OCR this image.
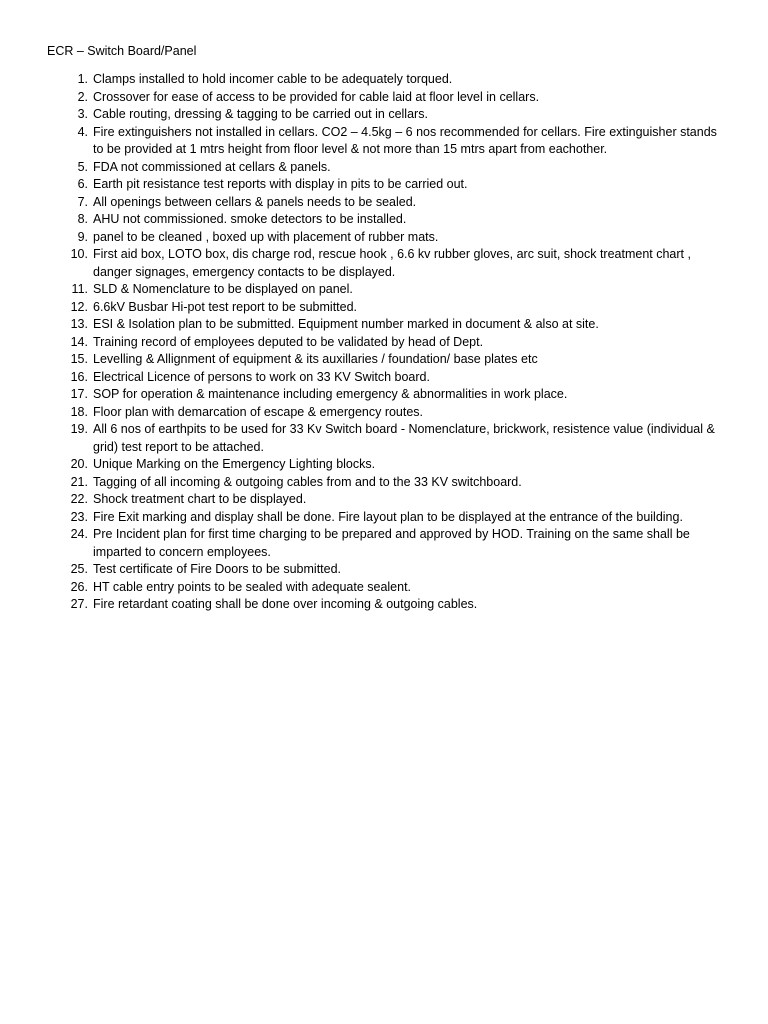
ECR – Switch Board/Panel
1. Clamps installed to hold incomer cable to be adequately torqued.
2. Crossover for ease of access to be provided for cable laid at floor level in cellars.
3. Cable routing, dressing & tagging to be carried out in cellars.
4. Fire extinguishers not installed in cellars. CO2 – 4.5kg – 6 nos recommended for cellars. Fire extinguisher stands to be provided at 1 mtrs height from floor level & not more than 15 mtrs apart from eachother.
5. FDA not commissioned at cellars & panels.
6. Earth pit resistance test reports with display in pits to be carried out.
7. All openings between cellars & panels needs to be sealed.
8. AHU not commissioned. smoke detectors to be installed.
9. panel to be cleaned , boxed up with placement of rubber mats.
10. First aid box, LOTO box, dis charge rod, rescue hook , 6.6 kv rubber gloves, arc suit, shock treatment chart , danger signages, emergency contacts to be displayed.
11. SLD & Nomenclature to be displayed on panel.
12. 6.6kV Busbar Hi-pot test report to be submitted.
13. ESI & Isolation plan to be submitted. Equipment number marked in document & also at site.
14. Training record of employees deputed to be validated by head of Dept.
15. Levelling & Allignment of equipment & its auxillaries / foundation/ base plates etc
16. Electrical Licence of persons to work on 33 KV Switch board.
17. SOP for operation & maintenance including emergency & abnormalities in work place.
18. Floor plan with demarcation of escape & emergency routes.
19. All 6 nos of earthpits to be used for 33 Kv Switch board - Nomenclature, brickwork, resistence value (individual & grid) test report to be attached.
20. Unique Marking on the Emergency Lighting blocks.
21. Tagging of all incoming & outgoing cables from and to the 33 KV switchboard.
22. Shock treatment chart to be displayed.
23. Fire Exit marking and display shall be done. Fire layout plan to be displayed at the entrance of the building.
24. Pre Incident plan for first time charging to be prepared and approved by HOD. Training on the same shall be imparted to concern employees.
25. Test certificate of Fire Doors to be submitted.
26. HT cable entry points to be sealed with adequate sealent.
27. Fire retardant coating shall be done over incoming & outgoing cables.
